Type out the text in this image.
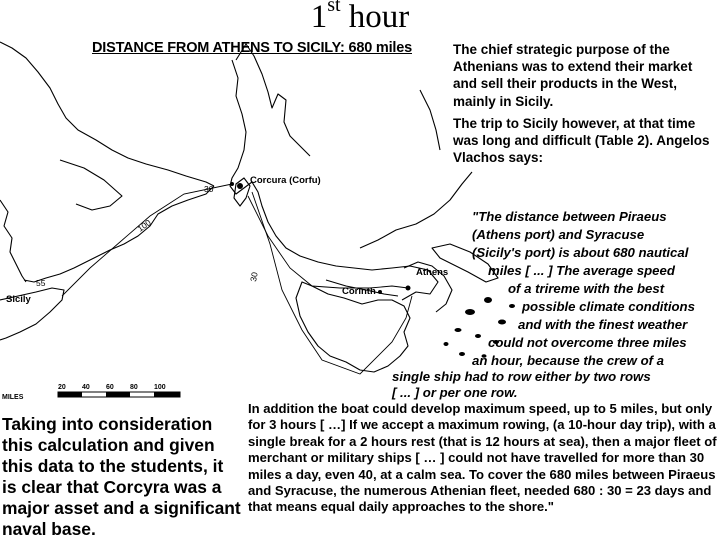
Corcura (Corfu)
Athens
Corinth
Sicily
30
100
55
30
MILES
20 40 60 80 100
1st hour
DISTANCE FROM ATHENS TO SICILY: 680 miles	The chief strategic purpose of the Athenians was to extend their market and sell their products in the West, mainly in Sicily.
The trip to Sicily however, at that time was long and difficult (Table 2). Angelos Vlachos says:
"The distance between Piraeus
(Athens port) and Syracuse
(Sicily's port) is about 680 nautical
miles [ ... ] The average speed
of a trireme with the best
possible climate conditions
and with the finest weather
could not overcome three miles
an hour, because the crew of a
single ship had to row either by two rows
[ ... ] or per one row.
Taking into consideration this calculation and given this data to the students, it is clear that Corcyra was a major asset and a significant naval base.
In addition the boat could develop maximum speed, up to 5 miles, but only for 3 hours [ …] If we accept a maximum rowing, (a 10-hour day trip), with a single break for a 2 hours rest (that is 12 hours at sea), then a major fleet of merchant or military ships [ … ] could not have travelled for more than 30 miles a day, even 40, at a calm sea. To cover the 680 miles between Piraeus and Syracuse, the numerous Athenian fleet, needed 680 : 30 = 23 days and that means equal daily approaches to the shore."
